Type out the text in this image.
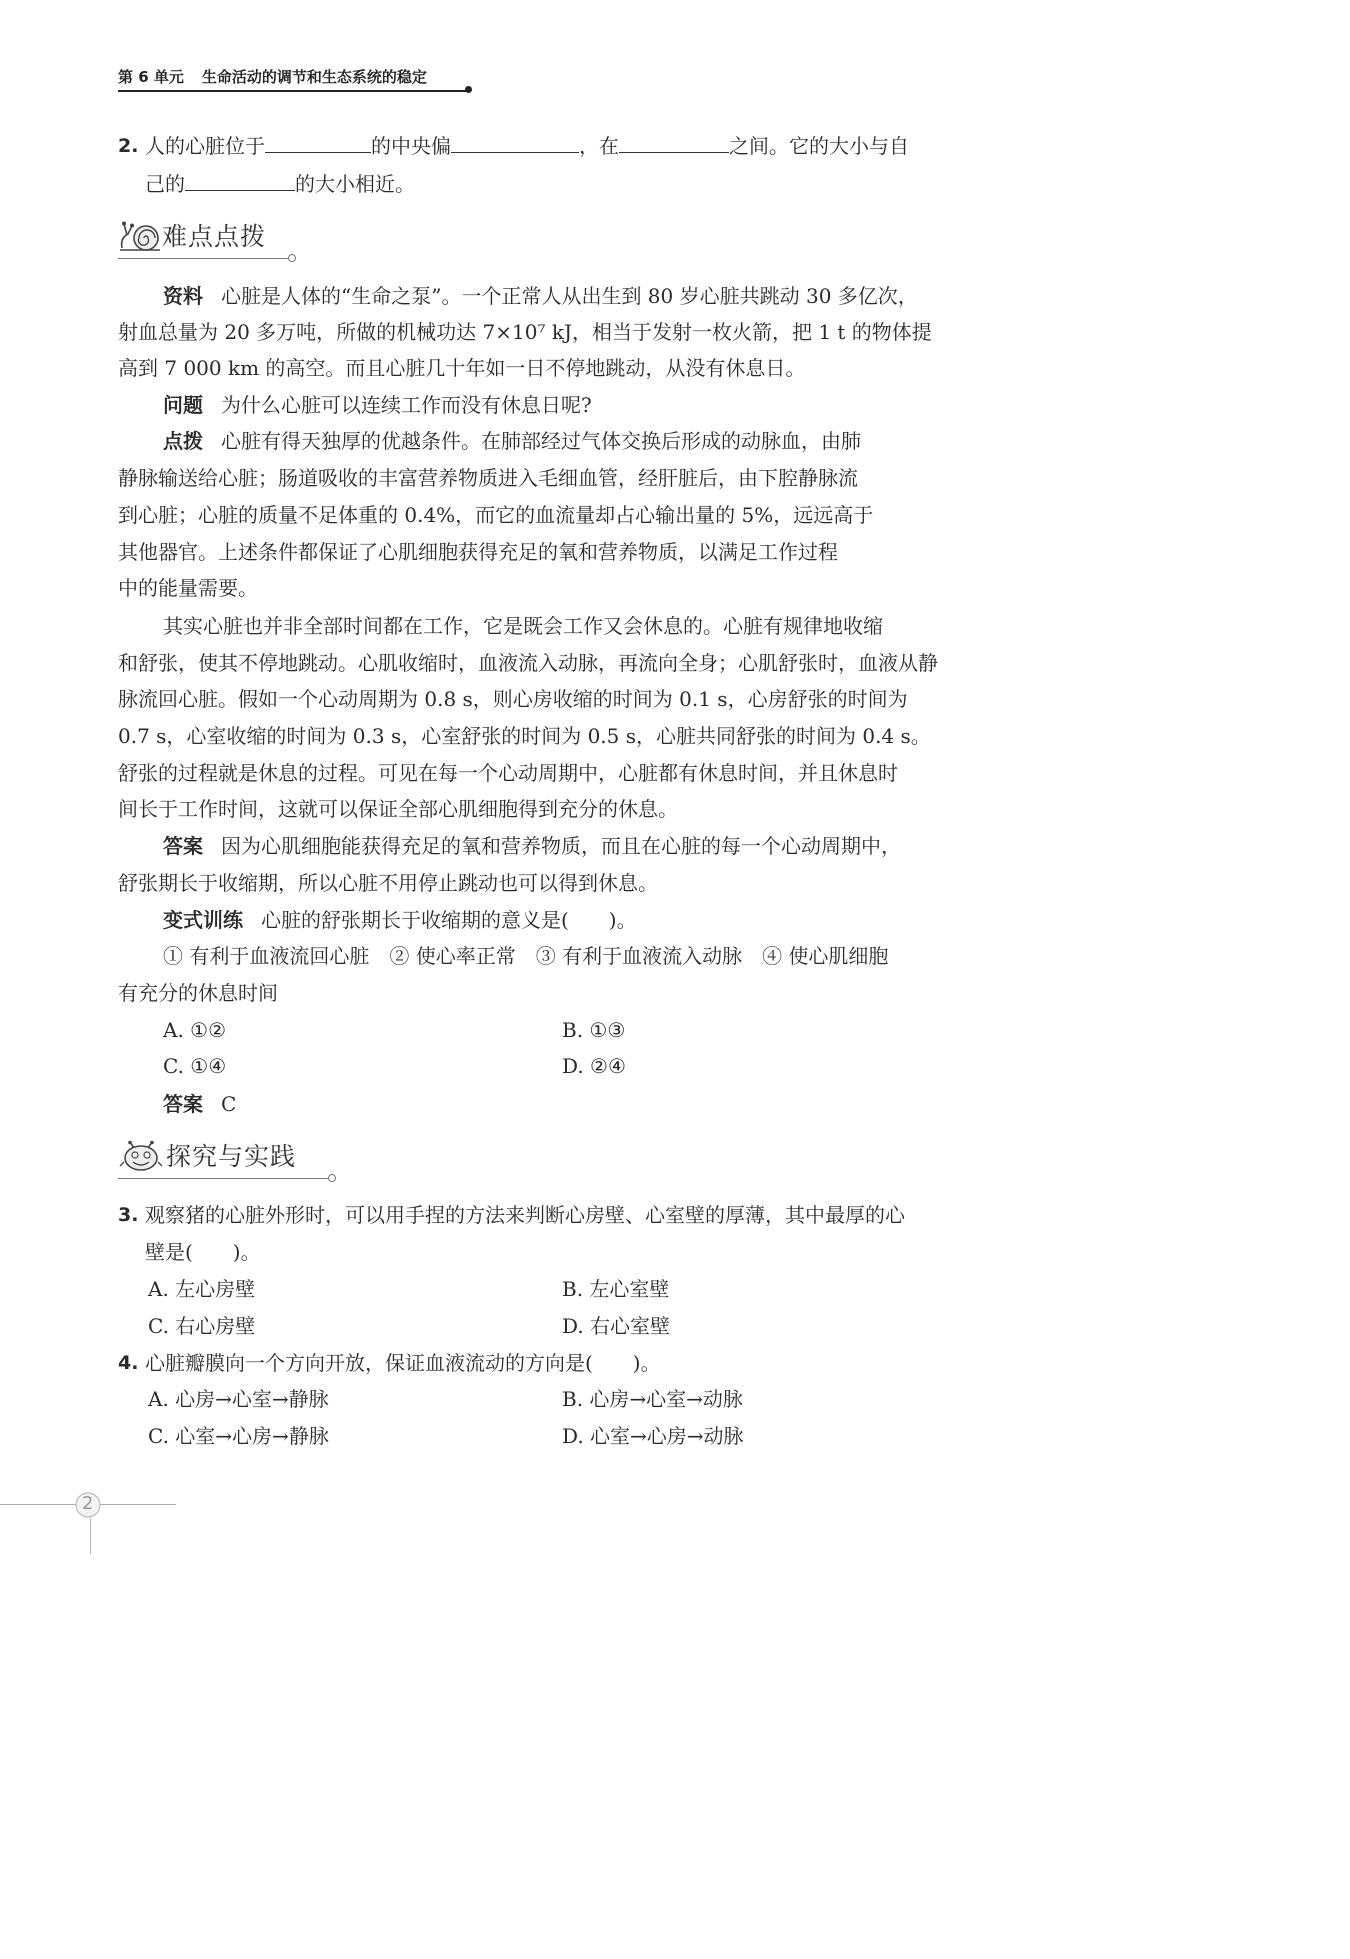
第 6 单元 生命活动的调节和生态系统的稳定
2. 人的心脏位于	的中央偏	，在	之间。它的大小与自
己的	的大小相近。
难点点拨
资料 心脏是人体的“生命之泵”。一个正常人从出生到 80 岁心脏共跳动 30 多亿次，
射血总量为 20 多万吨，所做的机械功达 7×10⁷ kJ，相当于发射一枚火箭，把 1 t 的物体提
高到 7 000 km 的高空。而且心脏几十年如一日不停地跳动，从没有休息日。
问题 为什么心脏可以连续工作而没有休息日呢?
点拨 心脏有得天独厚的优越条件。在肺部经过气体交换后形成的动脉血，由肺
静脉输送给心脏；肠道吸收的丰富营养物质进入毛细血管，经肝脏后，由下腔静脉流
到心脏；心脏的质量不足体重的 0.4%，而它的血流量却占心输出量的 5%，远远高于
其他器官。上述条件都保证了心肌细胞获得充足的氧和营养物质，以满足工作过程
中的能量需要。
其实心脏也并非全部时间都在工作，它是既会工作又会休息的。心脏有规律地收缩
和舒张，使其不停地跳动。心肌收缩时，血液流入动脉，再流向全身；心肌舒张时，血液从静
脉流回心脏。假如一个心动周期为 0.8 s，则心房收缩的时间为 0.1 s，心房舒张的时间为
0.7 s，心室收缩的时间为 0.3 s，心室舒张的时间为 0.5 s，心脏共同舒张的时间为 0.4 s。
舒张的过程就是休息的过程。可见在每一个心动周期中，心脏都有休息时间，并且休息时
间长于工作时间，这就可以保证全部心肌细胞得到充分的休息。
答案 因为心肌细胞能获得充足的氧和营养物质，而且在心脏的每一个心动周期中，
舒张期长于收缩期，所以心脏不用停止跳动也可以得到休息。
变式训练 心脏的舒张期长于收缩期的意义是(　　)。
① 有利于血液流回心脏　② 使心率正常　③ 有利于血液流入动脉　④ 使心肌细胞
有充分的休息时间
A. ①②	B. ①③
C. ①④	D. ②④
答案 C
探究与实践
3. 观察猪的心脏外形时，可以用手捏的方法来判断心房壁、心室壁的厚薄，其中最厚的心
壁是(　　)。
A. 左心房壁	B. 左心室壁
C. 右心房壁	D. 右心室壁
4. 心脏瓣膜向一个方向开放，保证血液流动的方向是(　　)。
A. 心房→心室→静脉	B. 心房→心室→动脉
C. 心室→心房→静脉	D. 心室→心房→动脉
2
